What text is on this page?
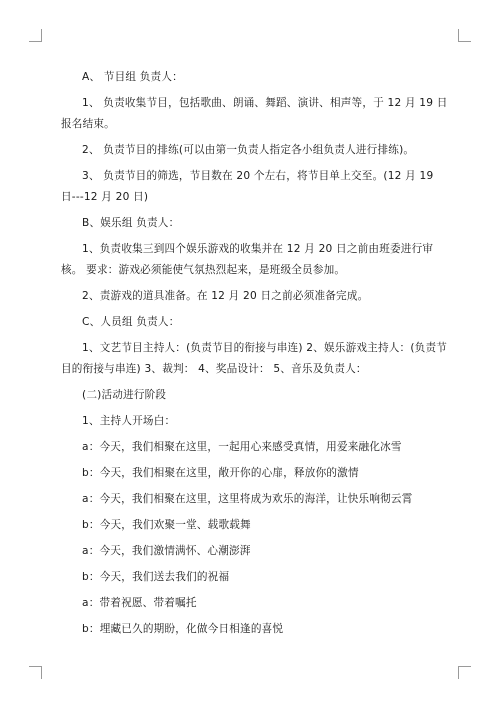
A、 节目组 负责人：

1、 负责收集节目，包括歌曲、朗诵、舞蹈、演讲、相声等，于 12 月 19 日报名结束。

2、 负责节目的排练(可以由第一负责人指定各小组负责人进行排练)。

3、 负责节目的筛选，节目数在 20 个左右，将节目单上交至。(12 月 19 日---12 月 20 日)

B、娱乐组 负责人：

1、负责收集三到四个娱乐游戏的收集并在 12 月 20 日之前由班委进行审核。 要求：游戏必须能使气氛热烈起来，是班级全员参加。

2、责游戏的道具准备。在 12 月 20 日之前必须准备完成。

C、人员组 负责人：

1、文艺节目主持人：(负责节目的衔接与串连) 2、娱乐游戏主持人：(负责节目的衔接与串连) 3、裁判： 4、奖品设计： 5、音乐及负责人：

(二)活动进行阶段

1、主持人开场白：

a：今天，我们相聚在这里，一起用心来感受真情，用爱来融化冰雪

b：今天，我们相聚在这里，敞开你的心扉，释放你的激情

a：今天，我们相聚在这里，这里将成为欢乐的海洋，让快乐响彻云霄

b：今天，我们欢聚一堂、载歌载舞

a：今天，我们激情满怀、心潮澎湃

b：今天，我们送去我们的祝福

a：带着祝愿、带着嘱托

b：埋藏已久的期盼，化做今日相逢的喜悦
